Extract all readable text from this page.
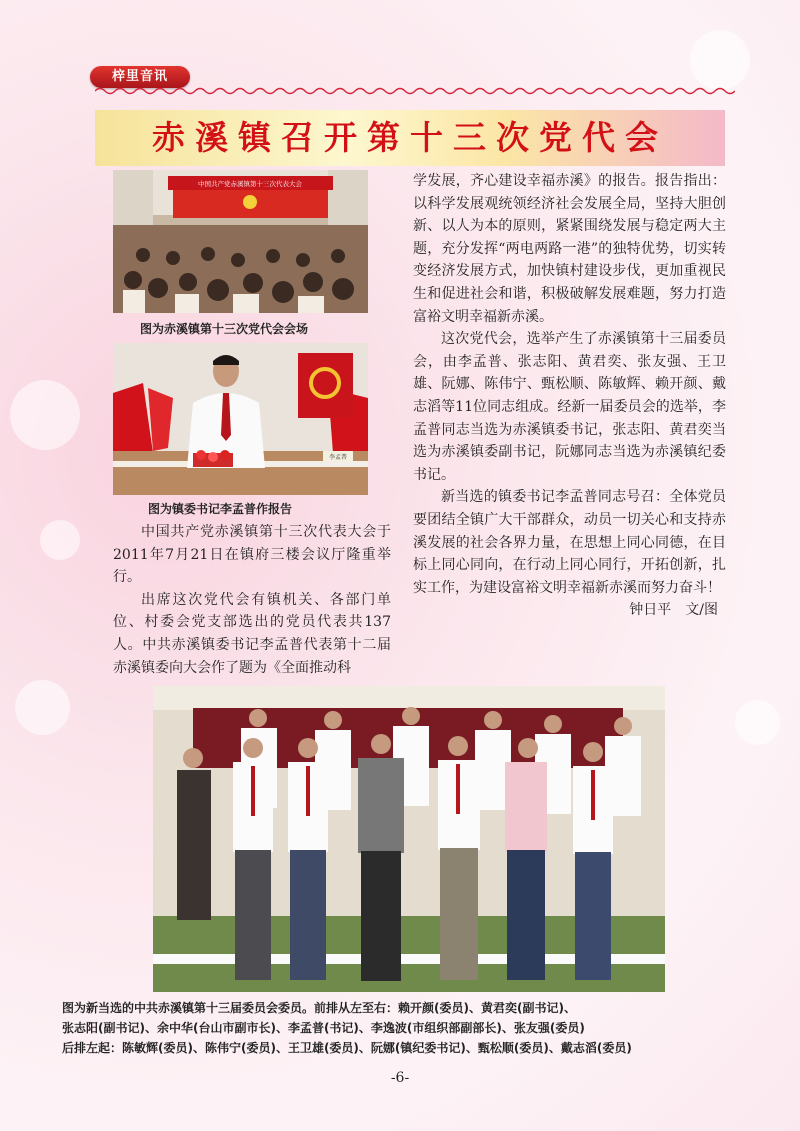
梓里音讯
赤溪镇召开第十三次党代会
中国共产党赤溪镇第十三次代表大会
图为赤溪镇第十三次党代会会场
李孟普
图为镇委书记李孟普作报告

中国共产党赤溪镇第十三次代表大会于2011年7月21日在镇府三楼会议厅隆重举行。

出席这次党代会有镇机关、各部门单位、村委会党支部选出的党员代表共137人。中共赤溪镇委书记李孟普代表第十二届赤溪镇委向大会作了题为《全面推动科

学发展，齐心建设幸福赤溪》的报告。报告指出：以科学发展观统领经济社会发展全局，坚持大胆创新、以人为本的原则，紧紧围绕发展与稳定两大主题，充分发挥“两电两路一港”的独特优势，切实转变经济发展方式，加快镇村建设步伐，更加重视民生和促进社会和谐，积极破解发展难题，努力打造富裕文明幸福新赤溪。

这次党代会，选举产生了赤溪镇第十三届委员会，由李孟普、张志阳、黄君奕、张友强、王卫雄、阮娜、陈伟宁、甄松顺、陈敏辉、赖开颜、戴志滔等11位同志组成。经新一届委员会的选举，李孟普同志当选为赤溪镇委书记，张志阳、黄君奕当选为赤溪镇委副书记，阮娜同志当选为赤溪镇纪委书记。

新当选的镇委书记李孟普同志号召：全体党员要团结全镇广大干部群众，动员一切关心和支持赤溪发展的社会各界力量，在思想上同心同德，在目标上同心同向，在行动上同心同行，开拓创新，扎实工作，为建设富裕文明幸福新赤溪而努力奋斗！

钟日平　文/图
图为新当选的中共赤溪镇第十三届委员会委员。前排从左至右：赖开颜(委员)、黄君奕(副书记)、
张志阳(副书记)、余中华(台山市副市长)、李孟普(书记)、李逸波(市组织部副部长)、张友强(委员)
后排左起：陈敏辉(委员)、陈伟宁(委员)、王卫雄(委员)、阮娜(镇纪委书记)、甄松顺(委员)、戴志滔(委员)
-6-
